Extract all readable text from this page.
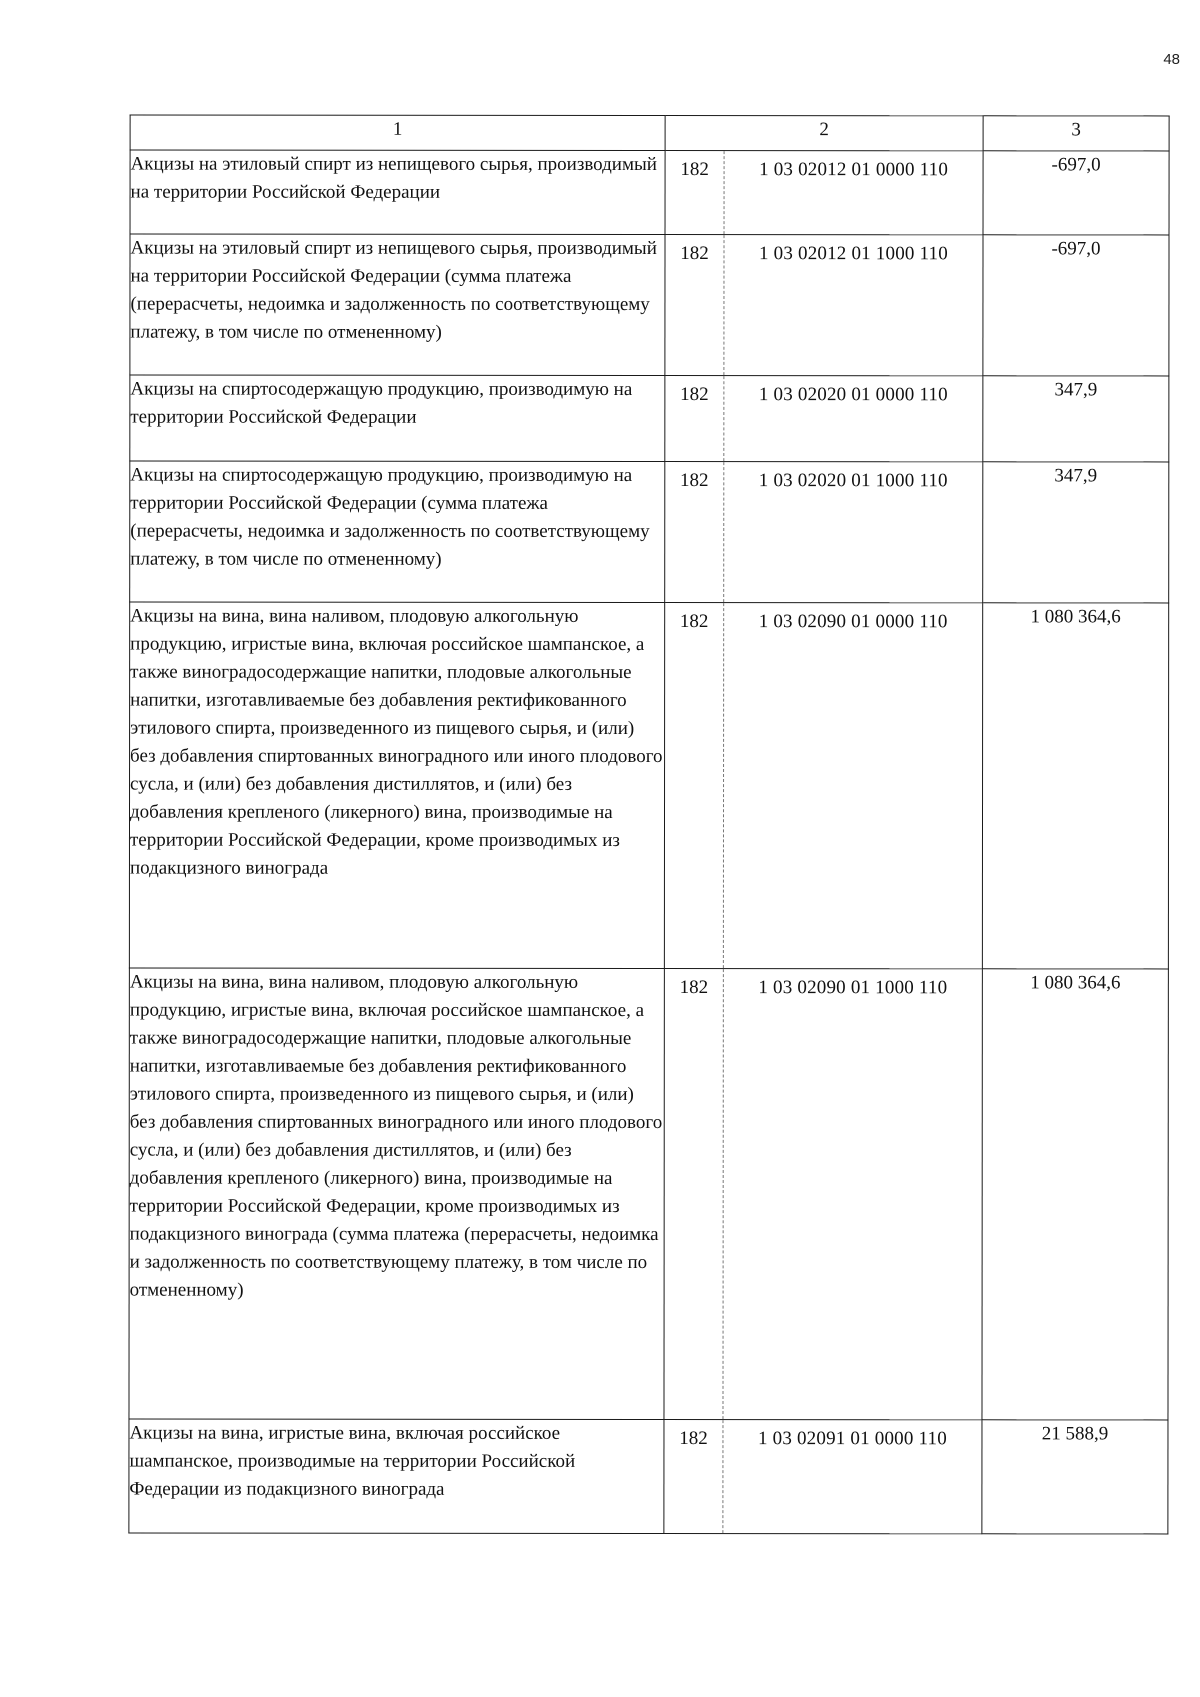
48
1	2	3
Акцизы на этиловый спирт из непищевого сырья, производимый на территории Российской Федерации	182 1 03 02012 01 0000 110	-697,0
Акцизы на этиловый спирт из непищевого сырья, производимый на территории Российской Федерации (сумма платежа (перерасчеты, недоимка и задолженность по соответствующему платежу, в том числе по отмененному)	182 1 03 02012 01 1000 110	-697,0
Акцизы на спиртосодержащую продукцию, производимую на территории Российской Федерации	182 1 03 02020 01 0000 110	347,9
Акцизы на спиртосодержащую продукцию, производимую на территории Российской Федерации (сумма платежа (перерасчеты, недоимка и задолженность по соответствующему платежу, в том числе по отмененному)	182 1 03 02020 01 1000 110	347,9
Акцизы на вина, вина наливом, плодовую алкогольную продукцию, игристые вина, включая российское шампанское, а также виноградосодержащие напитки, плодовые алкогольные напитки, изготавливаемые без добавления ректификованного этилового спирта, произведенного из пищевого сырья, и (или) без добавления спиртованных виноградного или иного плодового сусла, и (или) без добавления дистиллятов, и (или) без добавления крепленого (ликерного) вина, производимые на территории Российской Федерации, кроме производимых из подакцизного винограда	182 1 03 02090 01 0000 110	1 080 364,6
Акцизы на вина, вина наливом, плодовую алкогольную продукцию, игристые вина, включая российское шампанское, а также виноградосодержащие напитки, плодовые алкогольные напитки, изготавливаемые без добавления ректификованного этилового спирта, произведенного из пищевого сырья, и (или) без добавления спиртованных виноградного или иного плодового сусла, и (или) без добавления дистиллятов, и (или) без добавления крепленого (ликерного) вина, производимые на территории Российской Федерации, кроме производимых из подакцизного винограда (сумма платежа (перерасчеты, недоимка и задолженность по соответствующему платежу, в том числе по отмененному)	182 1 03 02090 01 1000 110	1 080 364,6
Акцизы на вина, игристые вина, включая российское шампанское, производимые на территории Российской Федерации из подакцизного винограда	182 1 03 02091 01 0000 110	21 588,9
